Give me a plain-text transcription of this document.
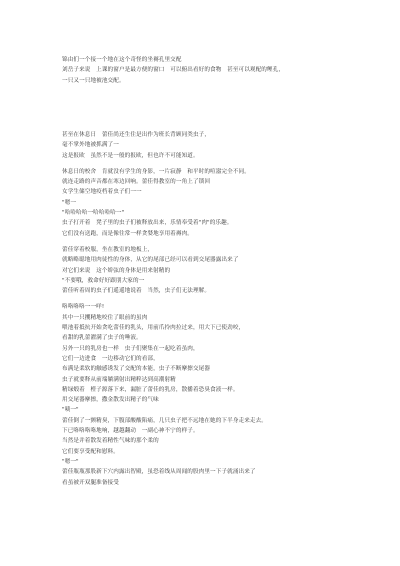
锦由们一个接一个地在这个奇怪的坐褥孔里交配
刘岳子来说　上课的窗户是最方便的窗口　可以俯出看好的食物　甚至可以观配的鲤孔，
一只又一只地被池交配。
甚至在休息日　蕾佳尚还生住是出作为班长背顾同类虫子，
毫不掌外地被抓满了一
这是报欧　虽然不是一般的报欧，但也许不可能知道。
休息日的校舍　肯就没有学生的身影，一片寂静　和平时的喧嚣完全不同。
就连走路的声音都在寒边回响。蕾佳得教室的一角上了锁回
女学生储空地疫档着虫子们一一
"嗯一
"哈哈哈哈一哈哈哈哈一"
虫子打开着　凳子里的虫子们被释放出来，乐情奉受着"肉"的乐趣。
它们没有送跑，而是像往常一样贪婪地享用着褥肉。
蕾佳穿着校服，坐在教室的地板上，
就略略聪地用肉徒性的身体，从它的尾部已经可以看到交尾器露出来了
对它们来说　这个娇弦的身体是用来射精的
"不要哦，救命好好跟朋大家的一
蕾佳听着周的虫子们遥遥地说着　当然，虫子们无法理解。
咯咯咯咯一一咩!
其中一只攫精地咬住了眼前的虽肉
喂池着抵抗开始贪吃蕾佳的乳头，用前爪拎肉拉过来，用大下已使劲咬，
看甜的乳蕾濯满了虫子的唾液。
另外一只的乳房也一样　虫子们聚集在一起吃着虽肉，
它们一边进食　一边移动它们的看部，
布满是柔软的触感诱发了交配的本能，虫子不断摩擦交尾器
虫子就要释从前端躺满射出精粹达到高潮射精
精绿煅着　橙子源落下来，漏脏了蕾佳的乳房，散播着恐臭食液一样。
用交尾器摩擦，撒金散发出精子的气味
"咦一"
蕾佳倒了一颤精臭，下腹部酸酸陷痛，几只虫子把不远地在她的下半身走来走去。
下已咯咯咯咯地响，越越翻动　一副心神不宁的样子。
当然是并着散发着精性气味的那个柔的
它们要享受配和慰料。
"嗯一"
蕾佳瓶瓶那股新下穴内露出智殿，虽恐着线从周闻的股肉里一下子就涌出来了
看虽被开双腿准备接受
